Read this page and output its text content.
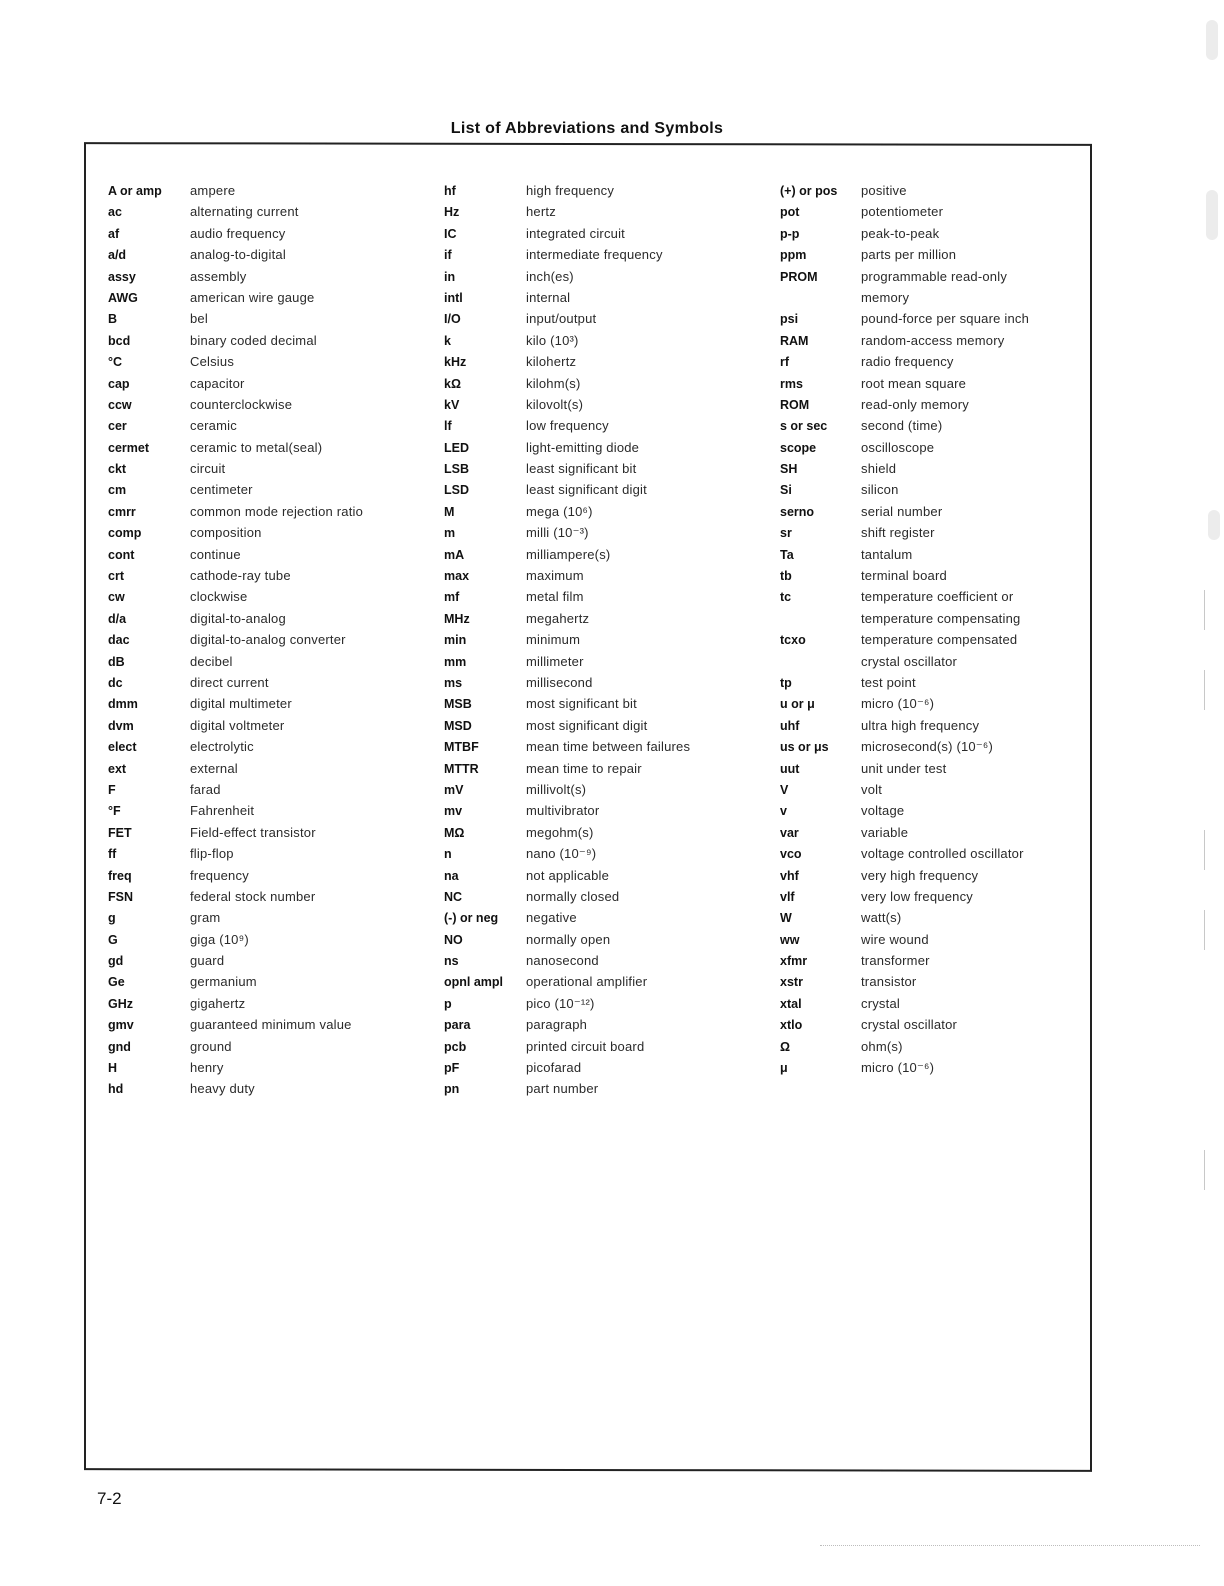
List of Abbreviations and Symbols
A or amp	ampere
ac	alternating current
af	audio frequency
a/d	analog-to-digital
assy	assembly
AWG	american wire gauge
B	bel
bcd	binary coded decimal
°C	Celsius
cap	capacitor
ccw	counterclockwise
cer	ceramic
cermet	ceramic to metal(seal)
ckt	circuit
cm	centimeter
cmrr	common mode rejection ratio
comp	composition
cont	continue
crt	cathode-ray tube
cw	clockwise
d/a	digital-to-analog
dac	digital-to-analog converter
dB	decibel
dc	direct current
dmm	digital multimeter
dvm	digital voltmeter
elect	electrolytic
ext	external
F	farad
°F	Fahrenheit
FET	Field-effect transistor
ff	flip-flop
freq	frequency
FSN	federal stock number
g	gram
G	giga (10⁹)
gd	guard
Ge	germanium
GHz	gigahertz
gmv	guaranteed minimum value
gnd	ground
H	henry
hd	heavy duty
hf	high frequency
Hz	hertz
IC	integrated circuit
if	intermediate frequency
in	inch(es)
intl	internal
I/O	input/output
k	kilo (10³)
kHz	kilohertz
kΩ	kilohm(s)
kV	kilovolt(s)
lf	low frequency
LED	light-emitting diode
LSB	least significant bit
LSD	least significant digit
M	mega (10⁶)
m	milli (10⁻³)
mA	milliampere(s)
max	maximum
mf	metal film
MHz	megahertz
min	minimum
mm	millimeter
ms	millisecond
MSB	most significant bit
MSD	most significant digit
MTBF	mean time between failures
MTTR	mean time to repair
mV	millivolt(s)
mv	multivibrator
MΩ	megohm(s)
n	nano (10⁻⁹)
na	not applicable
NC	normally closed
(-) or neg	negative
NO	normally open
ns	nanosecond
opnl ampl	operational amplifier
p	pico (10⁻¹²)
para	paragraph
pcb	printed circuit board
pF	picofarad
pn	part number
(+) or pos	positive
pot	potentiometer
p-p	peak-to-peak
ppm	parts per million
PROM	programmable read-only
memory
psi	pound-force per square inch
RAM	random-access memory
rf	radio frequency
rms	root mean square
ROM	read-only memory
s or sec	second (time)
scope	oscilloscope
SH	shield
Si	silicon
serno	serial number
sr	shift register
Ta	tantalum
tb	terminal board
tc	temperature coefficient or
temperature compensating
tcxo	temperature compensated
crystal oscillator
tp	test point
u or μ	micro (10⁻⁶)
uhf	ultra high frequency
us or μs	microsecond(s) (10⁻⁶)
uut	unit under test
V	volt
v	voltage
var	variable
vco	voltage controlled oscillator
vhf	very high frequency
vlf	very low frequency
W	watt(s)
ww	wire wound
xfmr	transformer
xstr	transistor
xtal	crystal
xtlo	crystal oscillator
Ω	ohm(s)
μ	micro (10⁻⁶)
7-2
